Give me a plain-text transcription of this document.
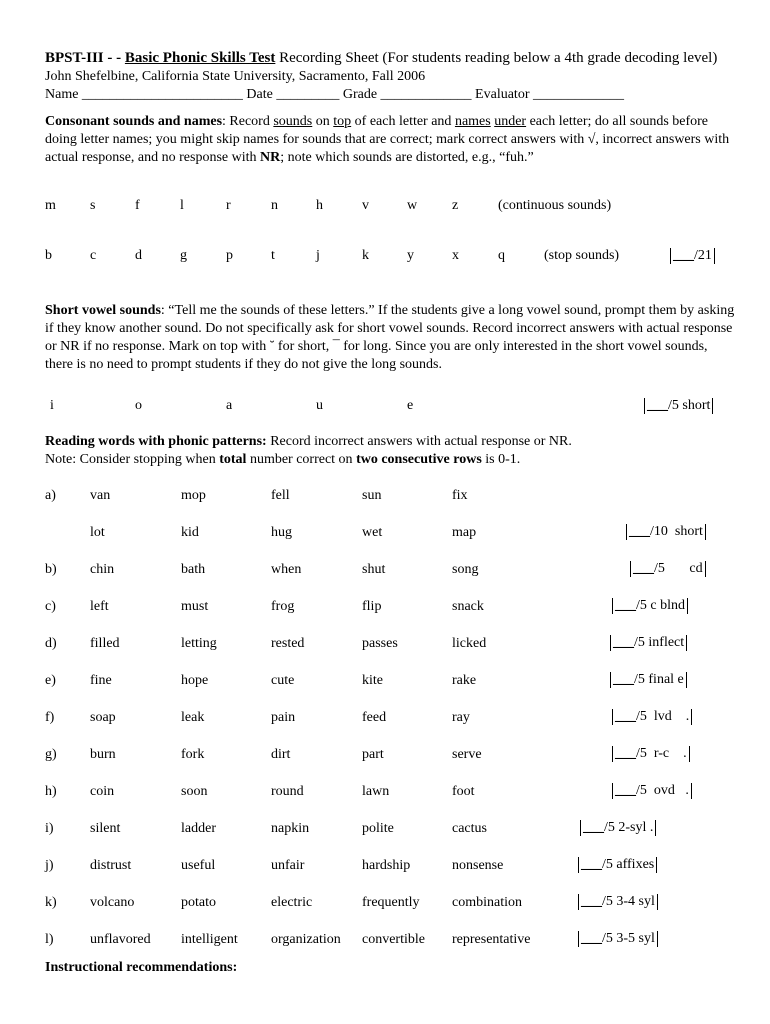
BPST-III - - Basic Phonic Skills Test Recording Sheet (For students reading below a 4th grade decoding level)
John Shefelbine, California State University, Sacramento, Fall 2006
Name _______________________ Date _________ Grade _____________ Evaluator _____________
Consonant sounds and names: Record sounds on top of each letter and names under each letter; do all sounds before doing letter names; you might skip names for sounds that are correct; mark correct answers with √, incorrect answers with actual response, and no response with NR; note which sounds are distorted, e.g., “fuh.”
m s	f	l	r	n	h	v	w z	(continuous sounds)
b	c	d	g	p	t	j	k	y	x	q	(stop sounds)	___/21
Short vowel sounds: “Tell me the sounds of these letters.” If the students give a long vowel sound, prompt them by asking if they know another sound. Do not specifically ask for short vowel sounds. Record incorrect answers with actual response or NR if no response. Mark on top with ˘ for short, ¯ for long. Since you are only interested in the short vowel sounds, there is no need to prompt students if they do not give the long sounds.
i	o	a	u	e	___/5 short
Reading words with phonic patterns: Record incorrect answers with actual response or NR.
Note: Consider stopping when total number correct on two consecutive rows is 0-1.
a) van	mop	fell	sun	fix
lot	kid	hug	wet	map	___/10  short
b) chin	bath	when	shut	song	___/5       cd
c) left	must	frog	flip	snack	___/5 c blnd
d) filled	letting	rested	passes	licked	___/5 inflect
e) fine	hope	cute	kite	rake	___/5 final e
f)	soap	leak	pain	feed	ray	___/5  lvd    .
g) burn	fork	dirt	part	serve	___/5  r-c    .
h) coin	soon	round	lawn	foot	___/5  ovd   .
i)	silent	ladder	napkin	polite	cactus	___/5 2-syl .
j)	distrust	useful	unfair	hardship	nonsense	___/5 affixes
k) volcano	potato	electric	frequently combination	___/5 3-4 syl
l)	unflavored intelligent organization convertible representative	___/5 3-5 syl
Instructional recommendations:
